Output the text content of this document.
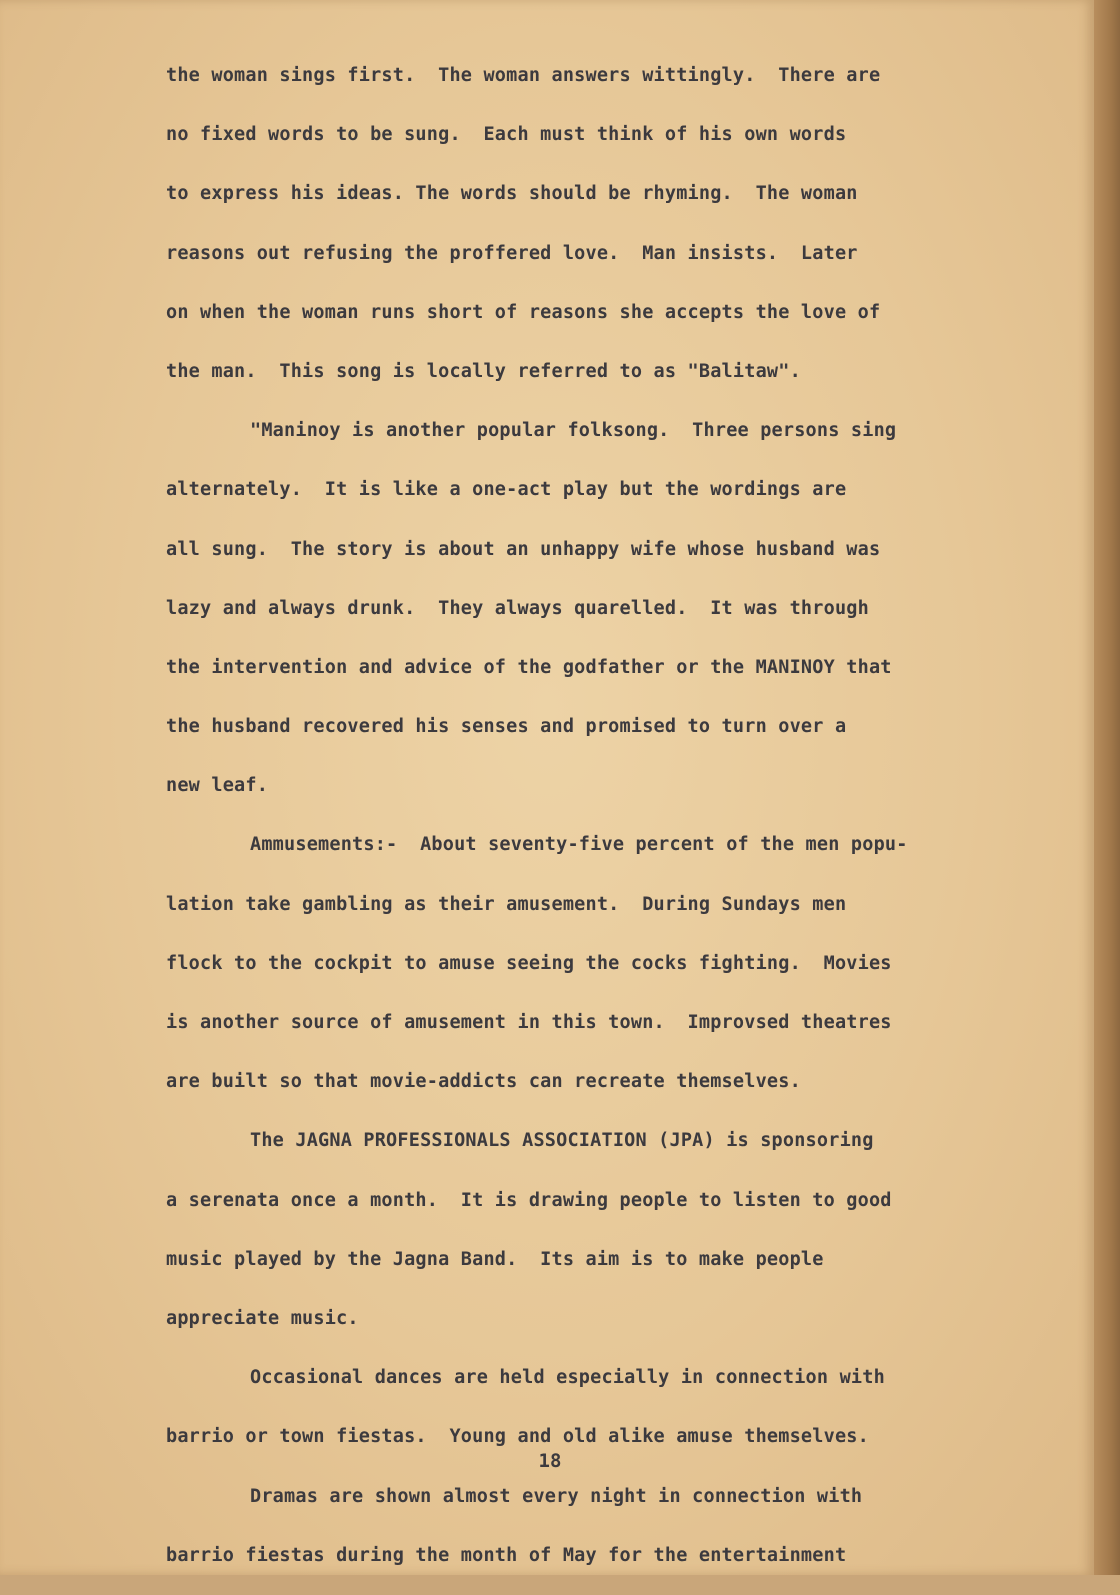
the woman sings first.  The woman answers wittingly.  There are
no fixed words to be sung.  Each must think of his own words
to express his ideas. The words should be rhyming.  The woman
reasons out refusing the proffered love.  Man insists.  Later
on when the woman runs short of reasons she accepts the love of
the man.  This song is locally referred to as "Balitaw".
"Maninoy is another popular folksong.  Three persons sing
alternately.  It is like a one-act play but the wordings are
all sung.  The story is about an unhappy wife whose husband was
lazy and always drunk.  They always quarelled.  It was through
the intervention and advice of the godfather or the MANINOY that
the husband recovered his senses and promised to turn over a
new leaf.
Ammusements:-  About seventy-five percent of the men popu-
lation take gambling as their amusement.  During Sundays men
flock to the cockpit to amuse seeing the cocks fighting.  Movies
is another source of amusement in this town.  Improvsed theatres
are built so that movie-addicts can recreate themselves.
The JAGNA PROFESSIONALS ASSOCIATION (JPA) is sponsoring
a serenata once a month.  It is drawing people to listen to good
music played by the Jagna Band.  Its aim is to make people
appreciate music.
Occasional dances are held especially in connection with
barrio or town fiestas.  Young and old alike amuse themselves.
Dramas are shown almost every night in connection with
barrio fiestas during the month of May for the entertainment
18
